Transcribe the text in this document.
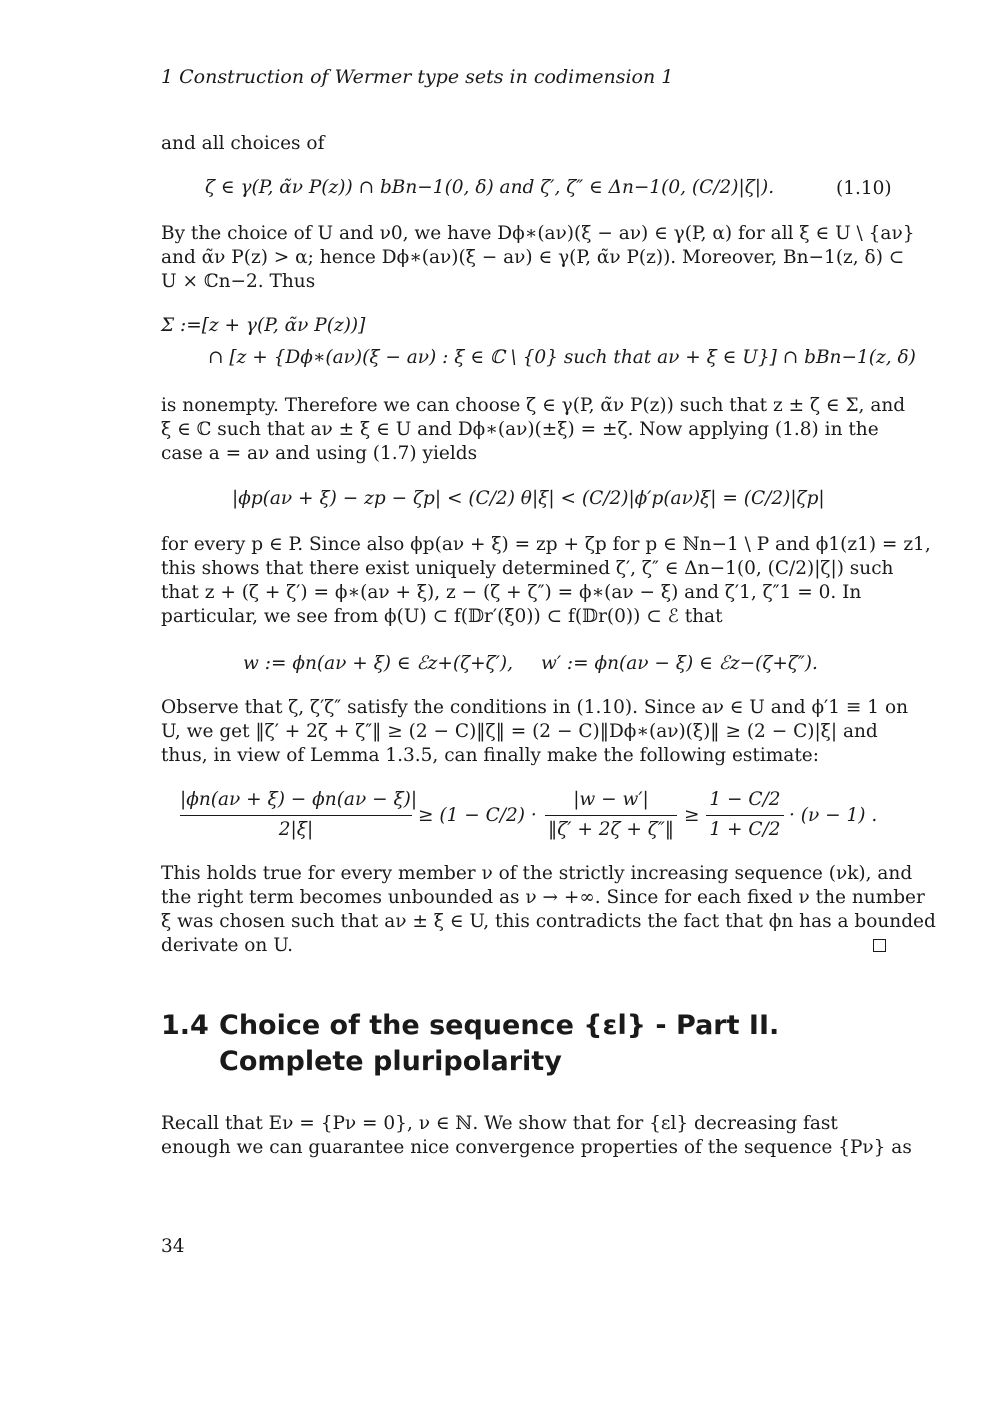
1 Construction of Wermer type sets in codimension 1
and all choices of
ζ ∈ γ(P, α̃ν P(z)) ∩ bBn−1(0, δ) and ζ′, ζ″ ∈ Δn−1(0, (C/2)|ζ|).	(1.10)
By the choice of U and ν0, we have Dϕ∗(aν)(ξ − aν) ∈ γ(P, α) for all ξ ∈ U \ {aν}
and α̃ν P(z) > α; hence Dϕ∗(aν)(ξ − aν) ∈ γ(P, α̃ν P(z)). Moreover, Bn−1(z, δ) ⊂
U × ℂn−2. Thus
Σ :=[z + γ(P, α̃ν P(z))]
∩ [z + {Dϕ∗(aν)(ξ − aν) : ξ ∈ ℂ \ {0} such that aν + ξ ∈ U}] ∩ bBn−1(z, δ)
is nonempty. Therefore we can choose ζ ∈ γ(P, α̃ν P(z)) such that z ± ζ ∈ Σ, and
ξ ∈ ℂ such that aν ± ξ ∈ U and Dϕ∗(aν)(±ξ) = ±ζ. Now applying (1.8) in the
case a = aν and using (1.7) yields
|ϕp(aν + ξ) − zp − ζp| < (C/2) θ|ξ| < (C/2)|ϕ′p(aν)ξ| = (C/2)|ζp|
for every p ∈ P. Since also ϕp(aν + ξ) = zp + ζp for p ∈ ℕn−1 \ P and ϕ1(z1) = z1,
this shows that there exist uniquely determined ζ′, ζ″ ∈ Δn−1(0, (C/2)|ζ|) such
that z + (ζ + ζ′) = ϕ∗(aν + ξ), z − (ζ + ζ″) = ϕ∗(aν − ξ) and ζ′1, ζ″1 = 0. In
particular, we see from ϕ(U) ⊂ f(𝔻r′(ξ0)) ⊂ f(𝔻r(0)) ⊂ ℰ that
w := ϕn(aν + ξ) ∈ ℰz+(ζ+ζ′), w′ := ϕn(aν − ξ) ∈ ℰz−(ζ+ζ″).
Observe that ζ, ζ′ζ″ satisfy the conditions in (1.10). Since aν ∈ U and ϕ′1 ≡ 1 on
U, we get ‖ζ′ + 2ζ + ζ″‖ ≥ (2 − C)‖ζ‖ = (2 − C)‖Dϕ∗(aν)(ξ)‖ ≥ (2 − C)|ξ| and
thus, in view of Lemma 1.3.5, can finally make the following estimate:
|ϕn(aν + ξ) − ϕn(aν − ξ)|
2|ξ|
≥ (1 − C/2) ·
|w − w′|
‖ζ′ + 2ζ + ζ″‖
≥
1 − C/2
1 + C/2
· (ν − 1) .
This holds true for every member ν of the strictly increasing sequence (νk), and
the right term becomes unbounded as ν → +∞. Since for each fixed ν the number
ξ was chosen such that aν ± ξ ∈ U, this contradicts the fact that ϕn has a bounded
derivate on U.
1.4 Choice of the sequence {εl} - Part II. Complete pluripolarity
Recall that Eν = {Pν = 0}, ν ∈ ℕ. We show that for {εl} decreasing fast
enough we can guarantee nice convergence properties of the sequence {Pν} as
34
